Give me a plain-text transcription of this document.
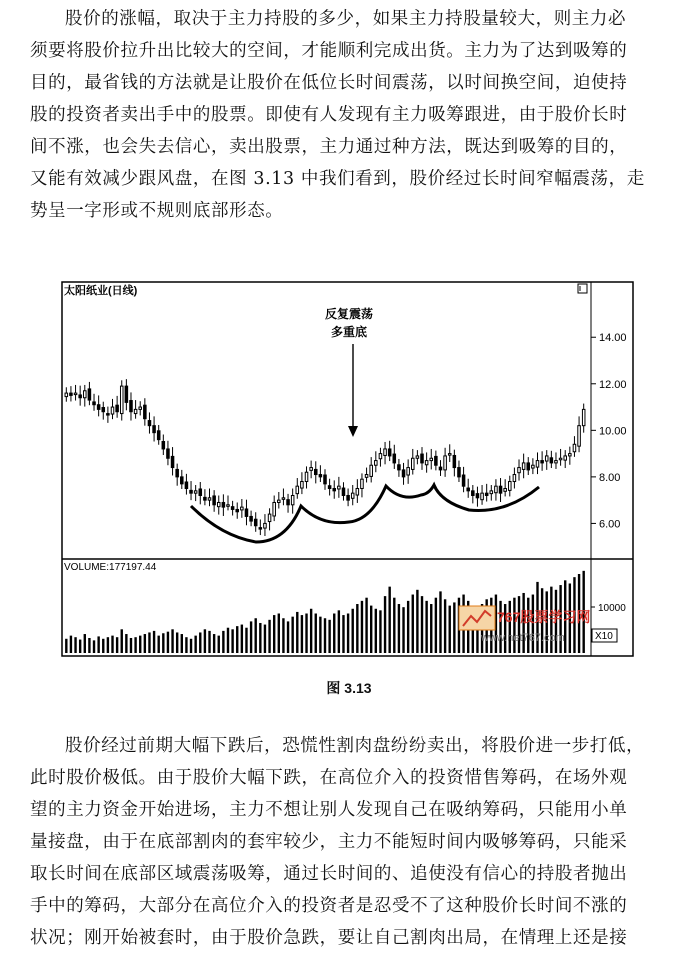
股价的涨幅，取决于主力持股的多少，如果主力持股量较大，则主力必
须要将股价拉升出比较大的空间，才能顺利完成出货。主力为了达到吸筹的
目的，最省钱的方法就是让股价在低位长时间震荡，以时间换空间，迫使持
股的投资者卖出手中的股票。即使有人发现有主力吸筹跟进，由于股价长时
间不涨，也会失去信心，卖出股票，主力通过种方法，既达到吸筹的目的，
又能有效减少跟风盘，在图 3.13 中我们看到，股价经过长时间窄幅震荡，走
势呈一字形或不规则底部形态。

太阳纸业(日线)
14.00
12.00
10.00
8.00
6.00
反复震荡
多重底
VOLUME:177197.44
10000
X10
767股票学习网
www.net767.com
图 3.13

股价经过前期大幅下跌后，恐慌性割肉盘纷纷卖出，将股价进一步打低，
此时股价极低。由于股价大幅下跌，在高位介入的投资惜售筹码，在场外观
望的主力资金开始进场，主力不想让别人发现自己在吸纳筹码，只能用小单
量接盘，由于在底部割肉的套牢较少，主力不能短时间内吸够筹码，只能采
取长时间在底部区域震荡吸筹，通过长时间的、追使没有信心的持股者抛出
手中的筹码，大部分在高位介入的投资者是忍受不了这种股价长时间不涨的
状况；刚开始被套时，由于股价急跌，要让自己割肉出局，在情理上还是接
